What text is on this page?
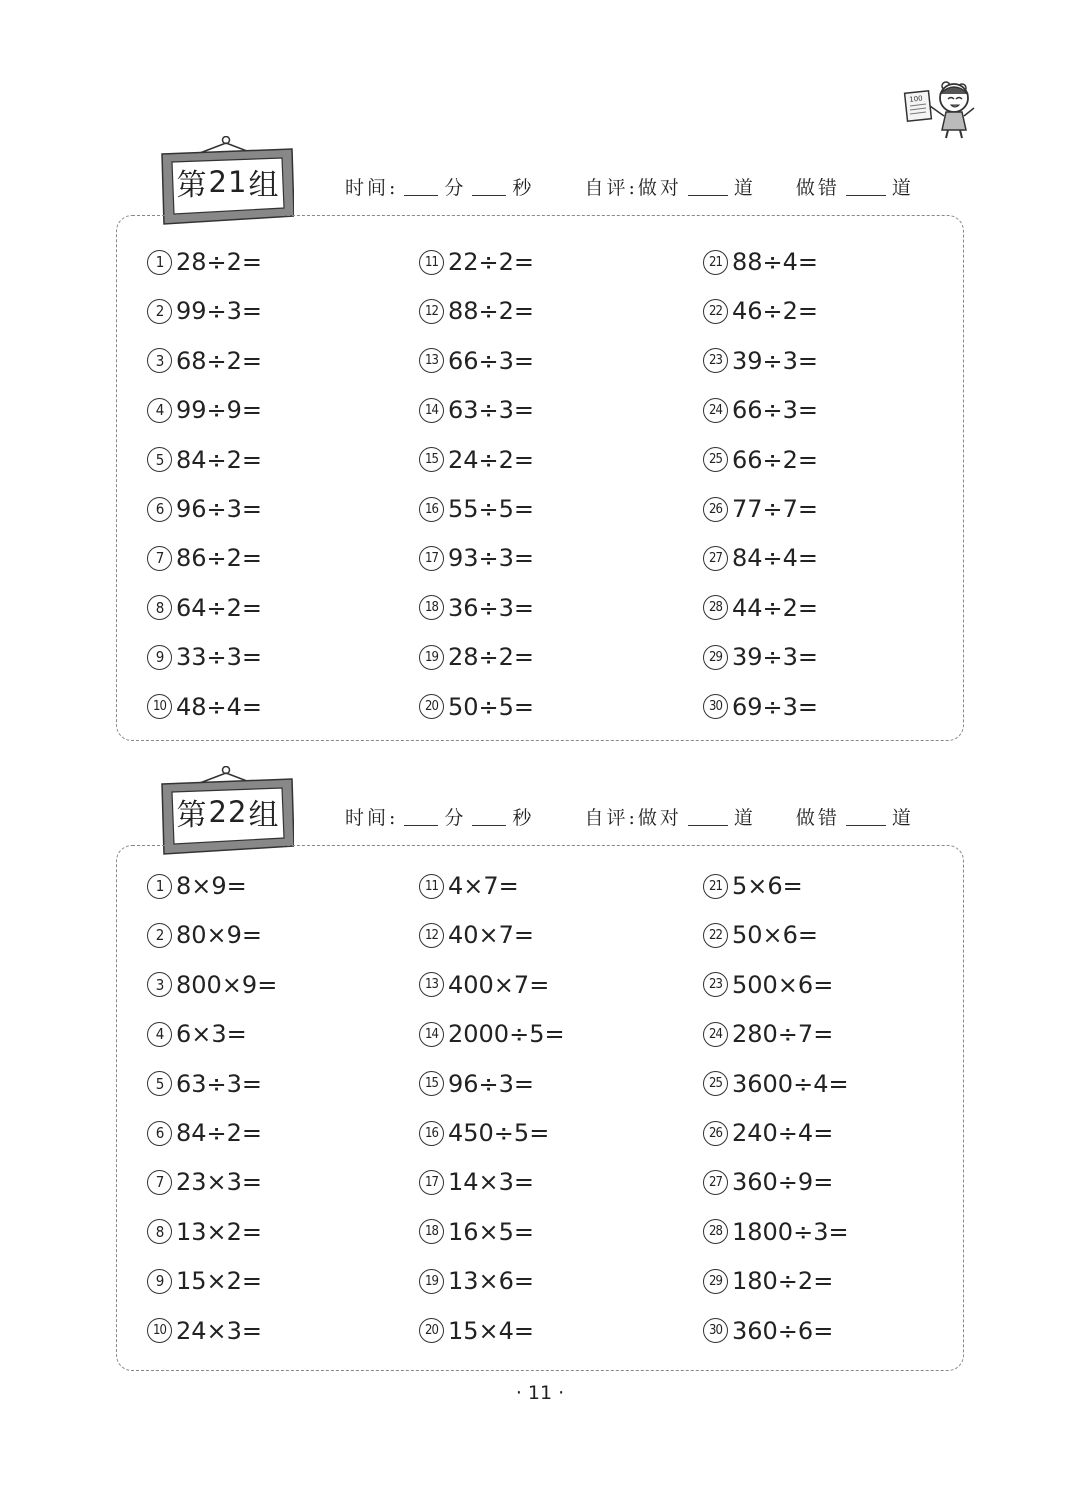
100
第 21 组	时间: 分 秒	自评:做对	道 做错	道
1 28÷2=
2 99÷3=
3 68÷2=
4 99÷9=
5 84÷2=
6 96÷3=
7 86÷2=
8 64÷2=
9 33÷3=
10 48÷4=
11 22÷2=
12 88÷2=
13 66÷3=
14 63÷3=
15 24÷2=
16 55÷5=
17 93÷3=
18 36÷3=
19 28÷2=
20 50÷5=
21 88÷4=
22 46÷2=
23 39÷3=
24 66÷3=
25 66÷2=
26 77÷7=
27 84÷4=
28 44÷2=
29 39÷3=
30 69÷3=
第 22 组	时间: 分 秒	自评:做对	道 做错	道
1 8×9=
2 80×9=
3 800×9=
4 6×3=
5 63÷3=
6 84÷2=
7 23×3=
8 13×2=
9 15×2=
10 24×3=
11 4×7=
12 40×7=
13 400×7=
14 2000÷5=
15 96÷3=
16 450÷5=
17 14×3=
18 16×5=
19 13×6=
20 15×4=
21 5×6=
22 50×6=
23 500×6=
24 280÷7=
25 3600÷4=
26 240÷4=
27 360÷9=
28 1800÷3=
29 180÷2=
30 360÷6=
· 11 ·
